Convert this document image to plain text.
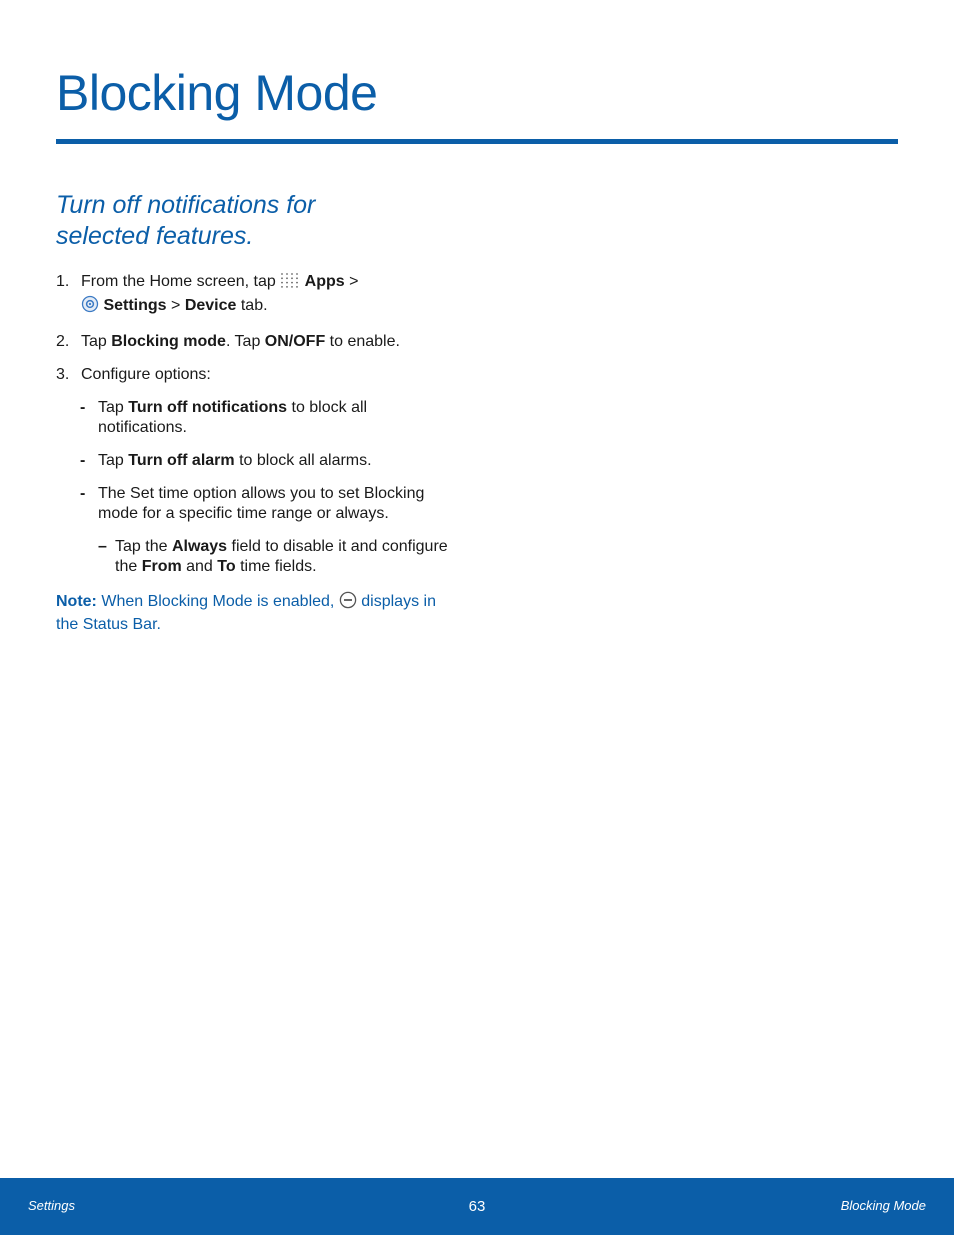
Blocking Mode
Turn off notifications for selected features.
1. From the Home screen, tap  Apps >
Settings > Device tab.
2. Tap Blocking mode. Tap ON/OFF to enable.
3. Configure options:
- Tap Turn off notifications to block all notifications.
- Tap Turn off alarm to block all alarms.
- The Set time option allows you to set Blocking mode for a specific time range or always.
– Tap the Always field to disable it and configure the From and To time fields.
Note: When Blocking Mode is enabled,  displays in the Status Bar.
Settings	63	Blocking Mode
